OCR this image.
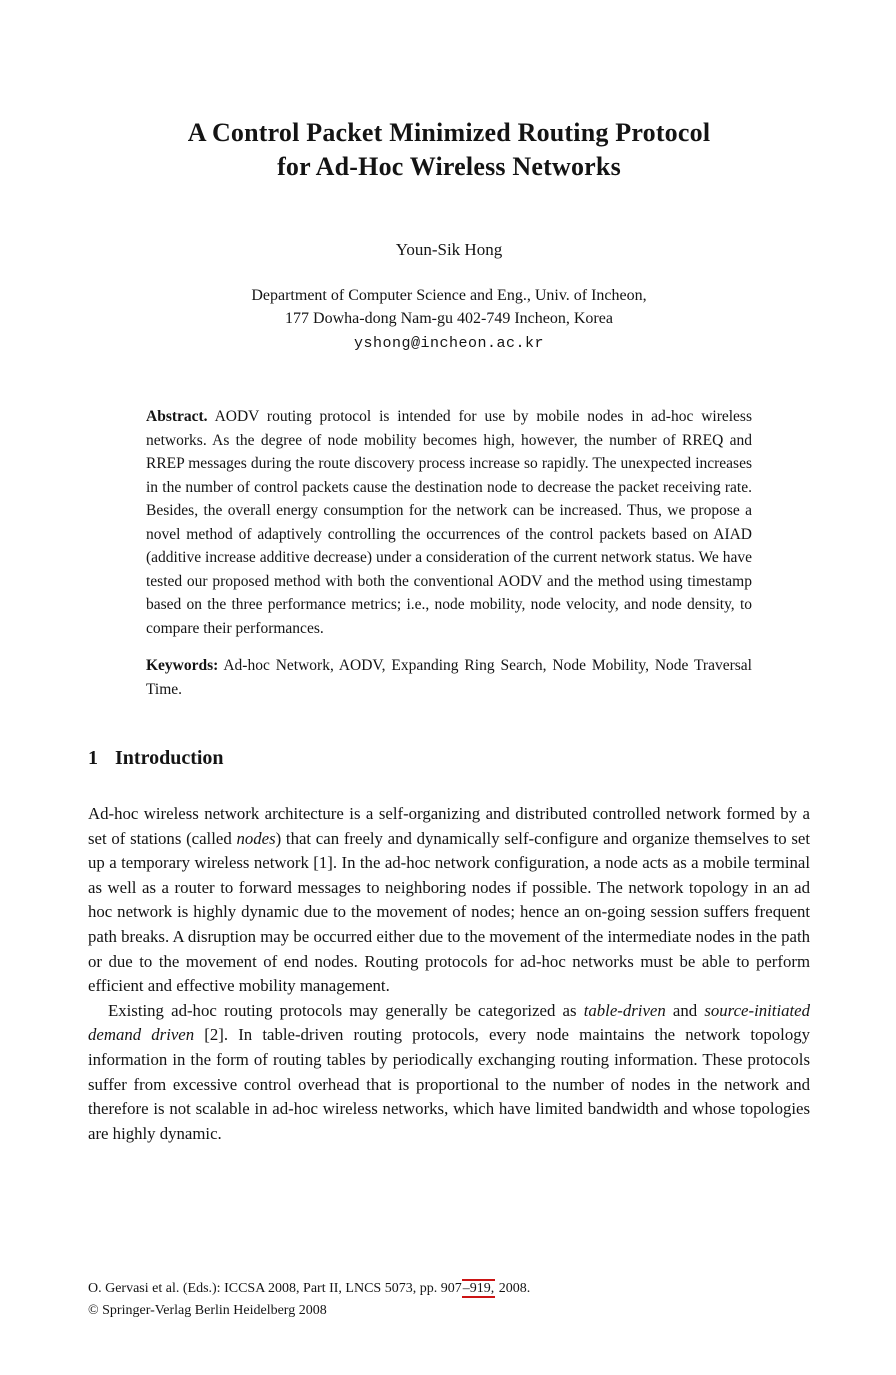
A Control Packet Minimized Routing Protocol
for Ad-Hoc Wireless Networks
Youn-Sik Hong
Department of Computer Science and Eng., Univ. of Incheon,
177 Dowha-dong Nam-gu 402-749 Incheon, Korea
yshong@incheon.ac.kr

Abstract. AODV routing protocol is intended for use by mobile nodes in ad-hoc wireless networks. As the degree of node mobility becomes high, however, the number of RREQ and RREP messages during the route discovery process increase so rapidly. The unexpected increases in the number of control packets cause the destination node to decrease the packet receiving rate. Besides, the overall energy consumption for the network can be increased. Thus, we propose a novel method of adaptively controlling the occurrences of the control packets based on AIAD (additive increase additive decrease) under a consideration of the current network status. We have tested our proposed method with both the conventional AODV and the method using timestamp based on the three performance metrics; i.e., node mobility, node velocity, and node density, to compare their performances.

Keywords: Ad-hoc Network, AODV, Expanding Ring Search, Node Mobility, Node Traversal Time.

1 Introduction

Ad-hoc wireless network architecture is a self-organizing and distributed controlled network formed by a set of stations (called nodes) that can freely and dynamically self-configure and organize themselves to set up a temporary wireless network [1]. In the ad-hoc network configuration, a node acts as a mobile terminal as well as a router to forward messages to neighboring nodes if possible. The network topology in an ad hoc network is highly dynamic due to the movement of nodes; hence an on-going session suffers frequent path breaks. A disruption may be occurred either due to the movement of the intermediate nodes in the path or due to the movement of end nodes. Routing protocols for ad-hoc networks must be able to perform efficient and effective mobility management.

Existing ad-hoc routing protocols may generally be categorized as table-driven and source-initiated demand driven [2]. In table-driven routing protocols, every node maintains the network topology information in the form of routing tables by periodically exchanging routing information. These protocols suffer from excessive control overhead that is proportional to the number of nodes in the network and therefore is not scalable in ad-hoc wireless networks, which have limited bandwidth and whose topologies are highly dynamic.

O. Gervasi et al. (Eds.): ICCSA 2008, Part II, LNCS 5073, pp. 907–919, 2008.
© Springer-Verlag Berlin Heidelberg 2008
